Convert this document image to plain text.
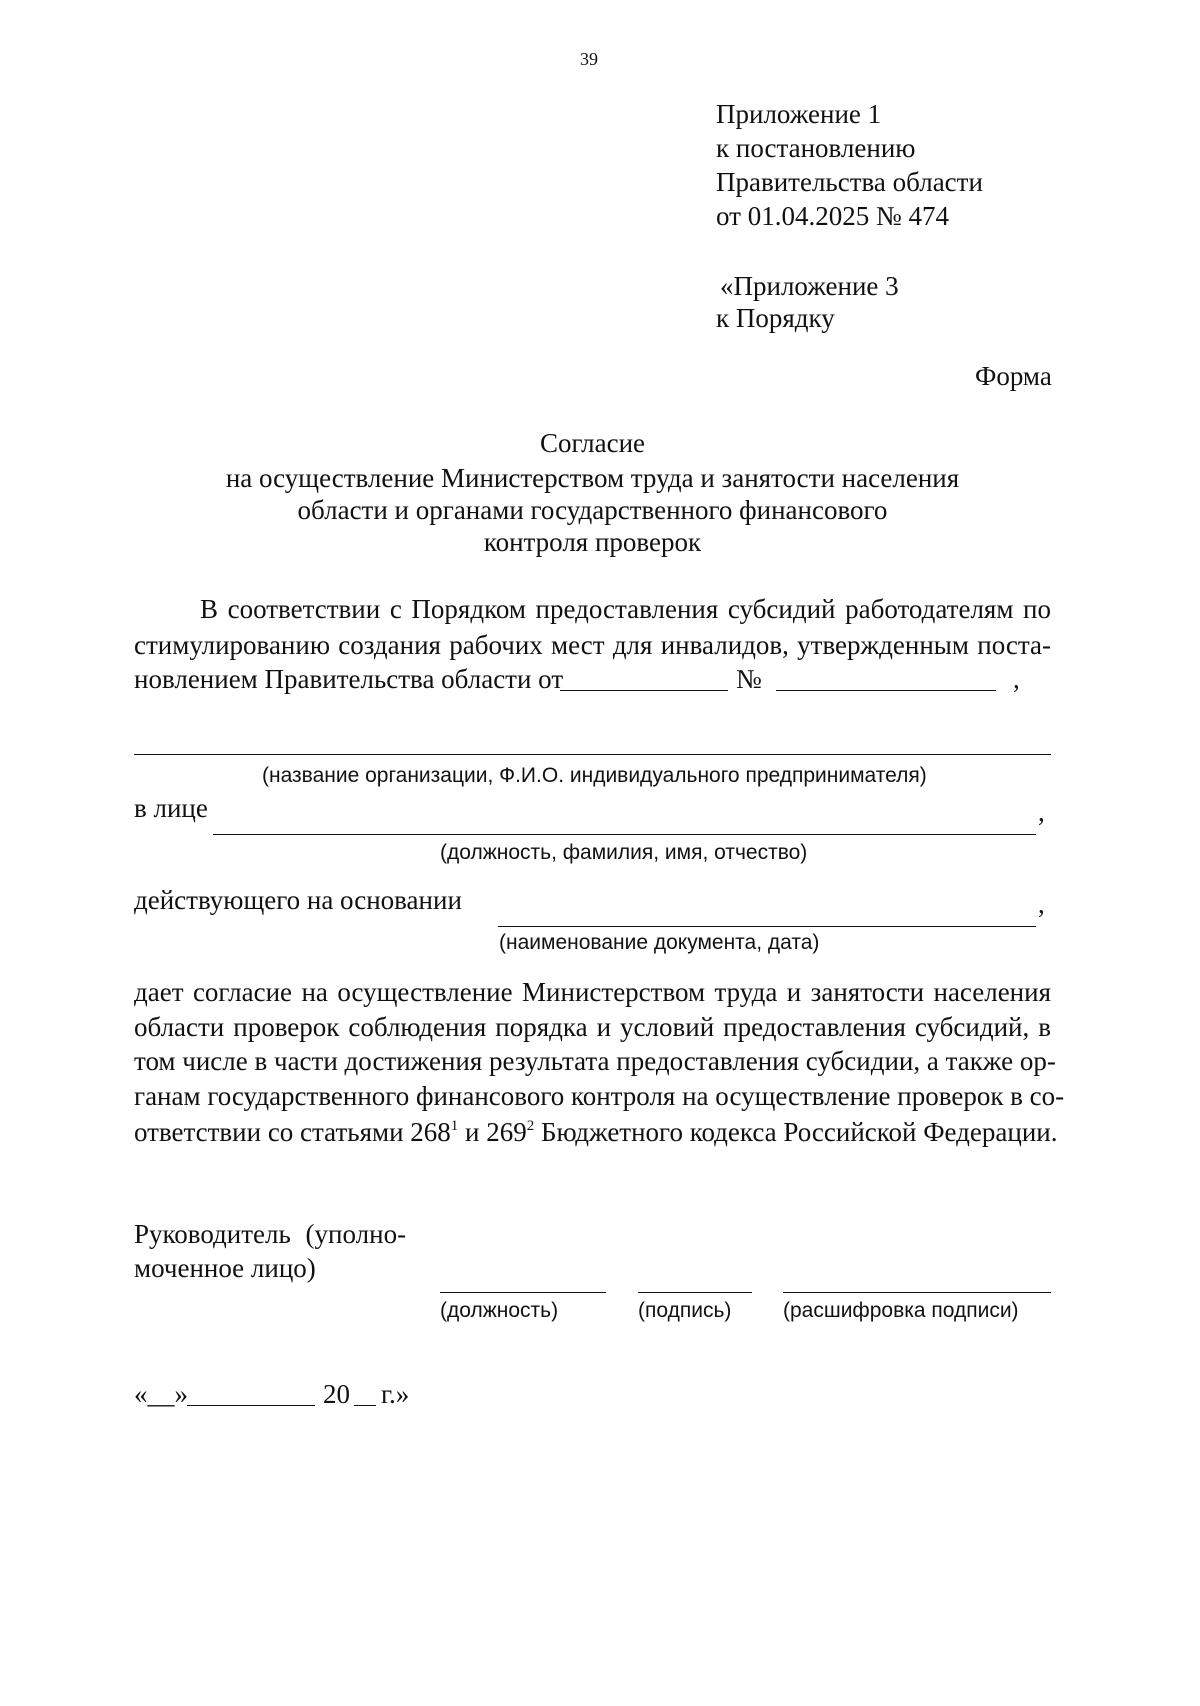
39
Приложение 1
к постановлению
Правительства области
от 01.04.2025 № 474
«Приложение 3
к Порядку
Форма
Согласие
на осуществление Министерством труда и занятости населения
области и органами государственного финансового
контроля проверок
В соответствии с Порядком предоставления субсидий работодателям по
стимулированию создания рабочих мест для инвалидов, утвержденным поста-
новлением Правительства области от	№	,
(название организации, Ф.И.О. индивидуального предпринимателя)
в лице	,
(должность, фамилия, имя, отчество)
действующего на основании	,
(наименование документа, дата)
дает согласие на осуществление Министерством труда и занятости населения
области проверок соблюдения порядка и условий предоставления субсидий, в
том числе в части достижения результата предоставления субсидии, а также ор-
ганам государственного финансового контроля на осуществление проверок в со-
ответствии со статьями $268^1$ и $269^2$ Бюджетного кодекса Российской Федерации.
Руководитель (уполно-
моченное лицо)
(должность)	(подпись) (расшифровка подписи)
«__»	20 г.»
